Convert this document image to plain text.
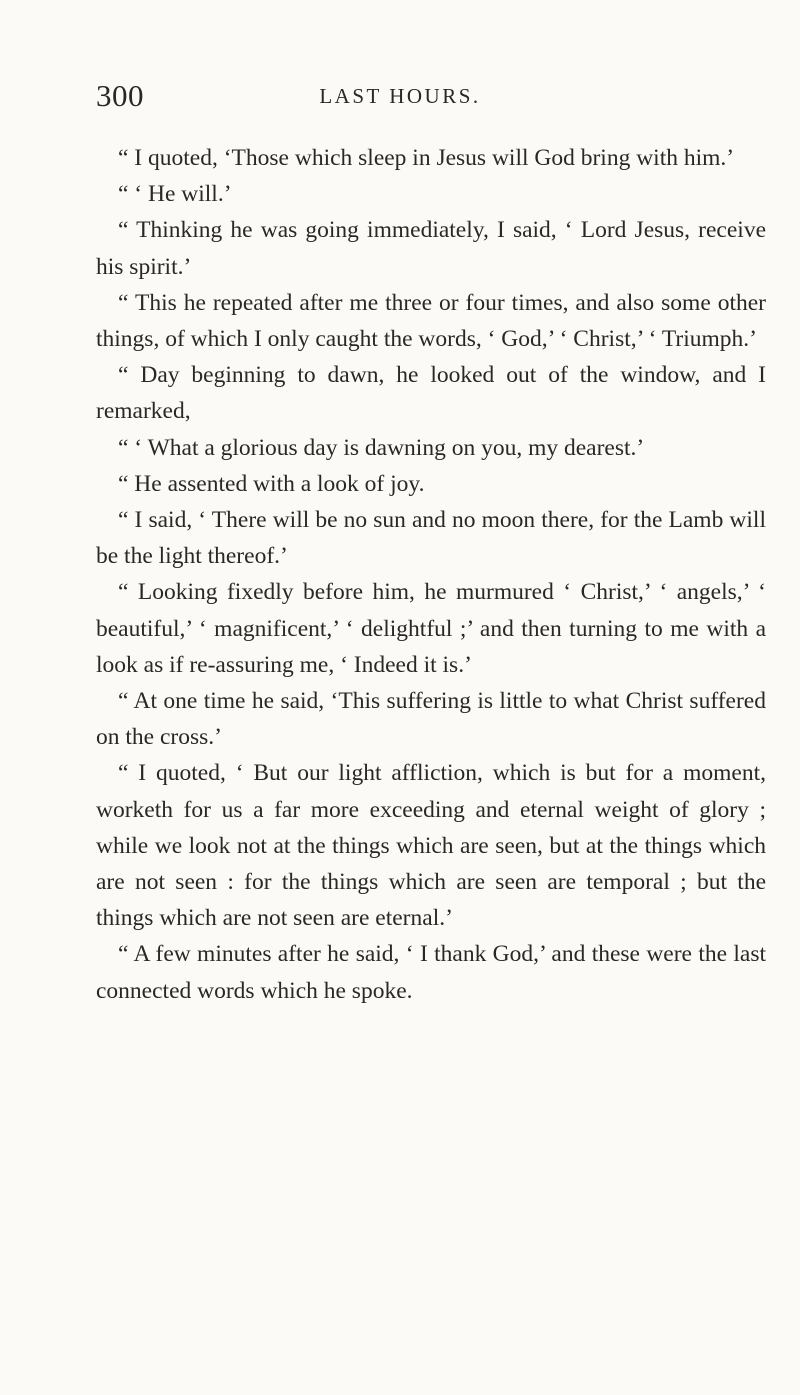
300	LAST HOURS.

“ I quoted, ‘Those which sleep in Jesus will God bring with him.’

“ ‘ He will.’

“ Thinking he was going immediately, I said, ‘ Lord Jesus, receive his spirit.’

“ This he repeated after me three or four times, and also some other things, of which I only caught the words, ‘ God,’ ‘ Christ,’ ‘ Triumph.’

“ Day beginning to dawn, he looked out of the window, and I remarked,

“ ‘ What a glorious day is dawning on you, my dearest.’

“ He assented with a look of joy.

“ I said, ‘ There will be no sun and no moon there, for the Lamb will be the light thereof.’

“ Looking fixedly before him, he murmured ‘ Christ,’ ‘ angels,’ ‘ beautiful,’ ‘ magnificent,’ ‘ delightful ;’ and then turning to me with a look as if re-assuring me, ‘ Indeed it is.’

“ At one time he said, ‘This suffering is little to what Christ suffered on the cross.’

“ I quoted, ‘ But our light affliction, which is but for a moment, worketh for us a far more exceeding and eternal weight of glory ; while we look not at the things which are seen, but at the things which are not seen : for the things which are seen are temporal ; but the things which are not seen are eternal.’

“ A few minutes after he said, ‘ I thank God,’ and these were the last connected words which he spoke.
